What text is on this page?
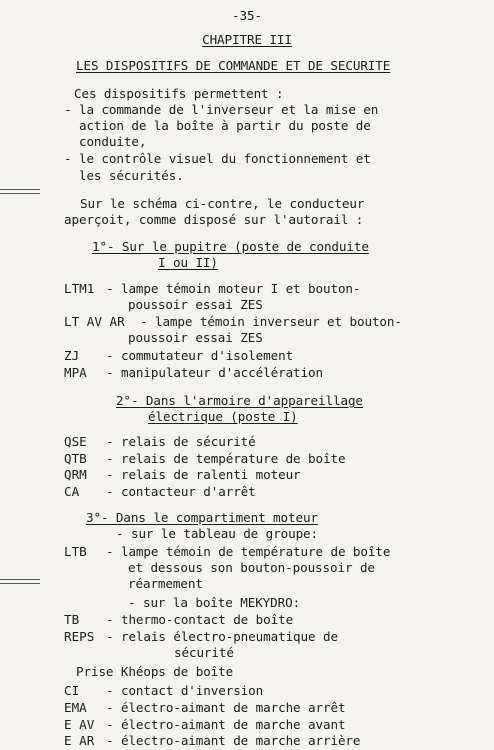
-35-
CHAPITRE III
LES DISPOSITIFS DE COMMANDE ET DE SECURITE
Ces dispositifs permettent :
- la commande de l'inverseur et la mise en
action de la boîte à partir du poste de
conduite,
- le contrôle visuel du fonctionnement et
les sécurités.
Sur le schéma ci-contre, le conducteur
aperçoit, comme disposé sur l'autorail :
1°- Sur le pupitre (poste de conduite
I ou II)
LTM1 - lampe témoin moteur I et bouton-
poussoir essai ZES
LT AV AR - lampe témoin inverseur et bouton-
poussoir essai ZES
ZJ - commutateur d'isolement
MPA - manipulateur d'accélération
2°- Dans l'armoire d'appareillage
électrique (poste I)
QSE - relais de sécurité
QTB - relais de température de boîte
QRM - relais de ralenti moteur
CA - contacteur d'arrêt
3°- Dans le compartiment moteur
- sur le tableau de groupe:
LTB - lampe témoin de température de boîte
et dessous son bouton-poussoir de
réarmement
- sur la boîte MEKYDRO:
TB - thermo-contact de boîte
REPS - relais électro-pneumatique de
sécurité
Prise Khéops de boîte
CI - contact d'inversion
EMA - électro-aimant de marche arrêt
E AV - électro-aimant de marche avant
E AR - électro-aimant de marche arrière
